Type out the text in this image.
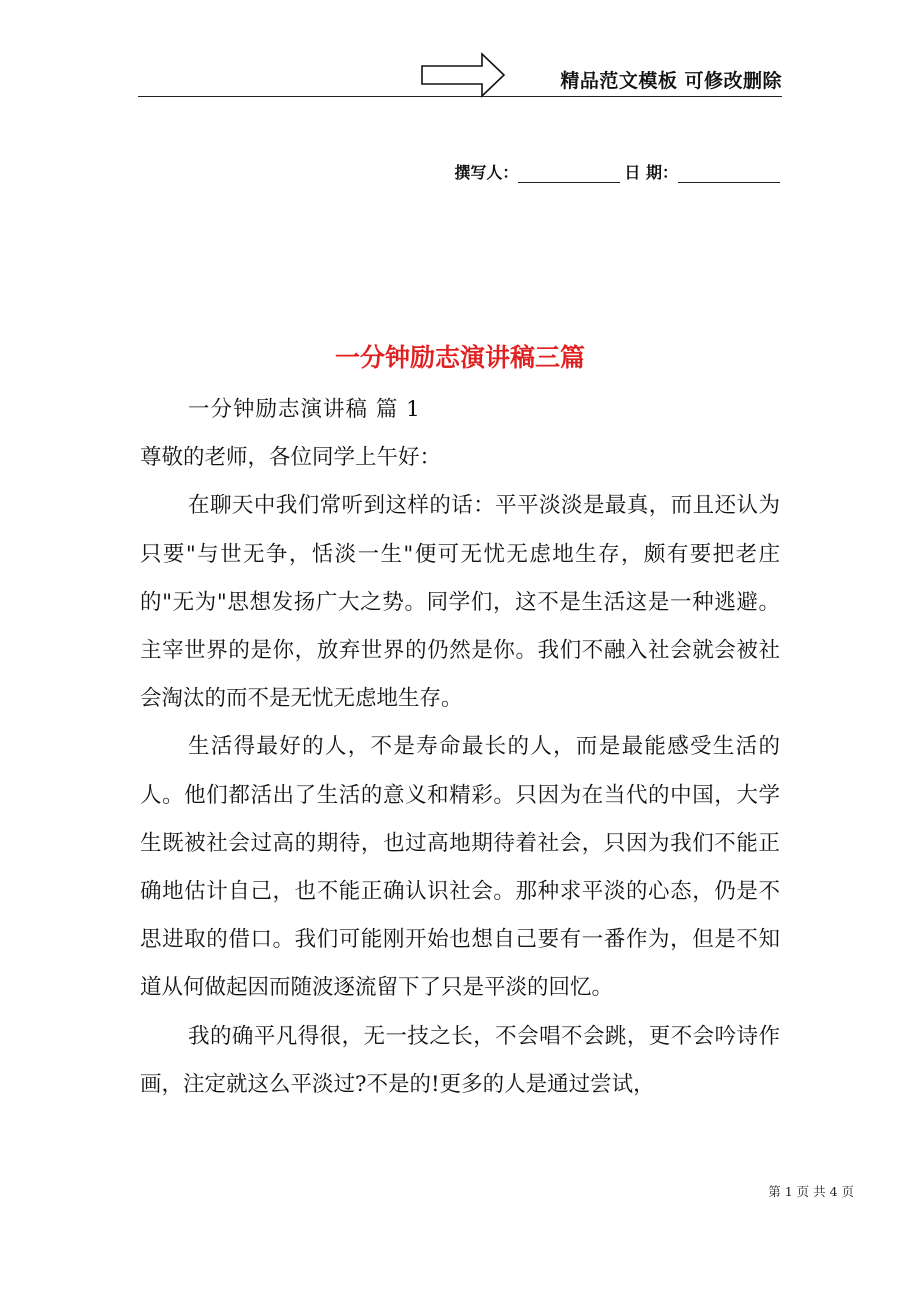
精品范文模板 可修改删除
撰写人：	日 期：
一分钟励志演讲稿三篇

一分钟励志演讲稿 篇 1

尊敬的老师，各位同学上午好：

在聊天中我们常听到这样的话：平平淡淡是最真，而且还认为只要"与世无争，恬淡一生"便可无忧无虑地生存，颇有要把老庄的"无为"思想发扬广大之势。同学们，这不是生活这是一种逃避。主宰世界的是你，放弃世界的仍然是你。我们不融入社会就会被社会淘汰的而不是无忧无虑地生存。

生活得最好的人，不是寿命最长的人，而是最能感受生活的人。他们都活出了生活的意义和精彩。只因为在当代的中国，大学生既被社会过高的期待，也过高地期待着社会，只因为我们不能正确地估计自己，也不能正确认识社会。那种求平淡的心态，仍是不思进取的借口。我们可能刚开始也想自己要有一番作为，但是不知道从何做起因而随波逐流留下了只是平淡的回忆。

我的确平凡得很，无一技之长，不会唱不会跳，更不会吟诗作画，注定就这么平淡过?不是的!更多的人是通过尝试，

第 1 页 共 4 页
